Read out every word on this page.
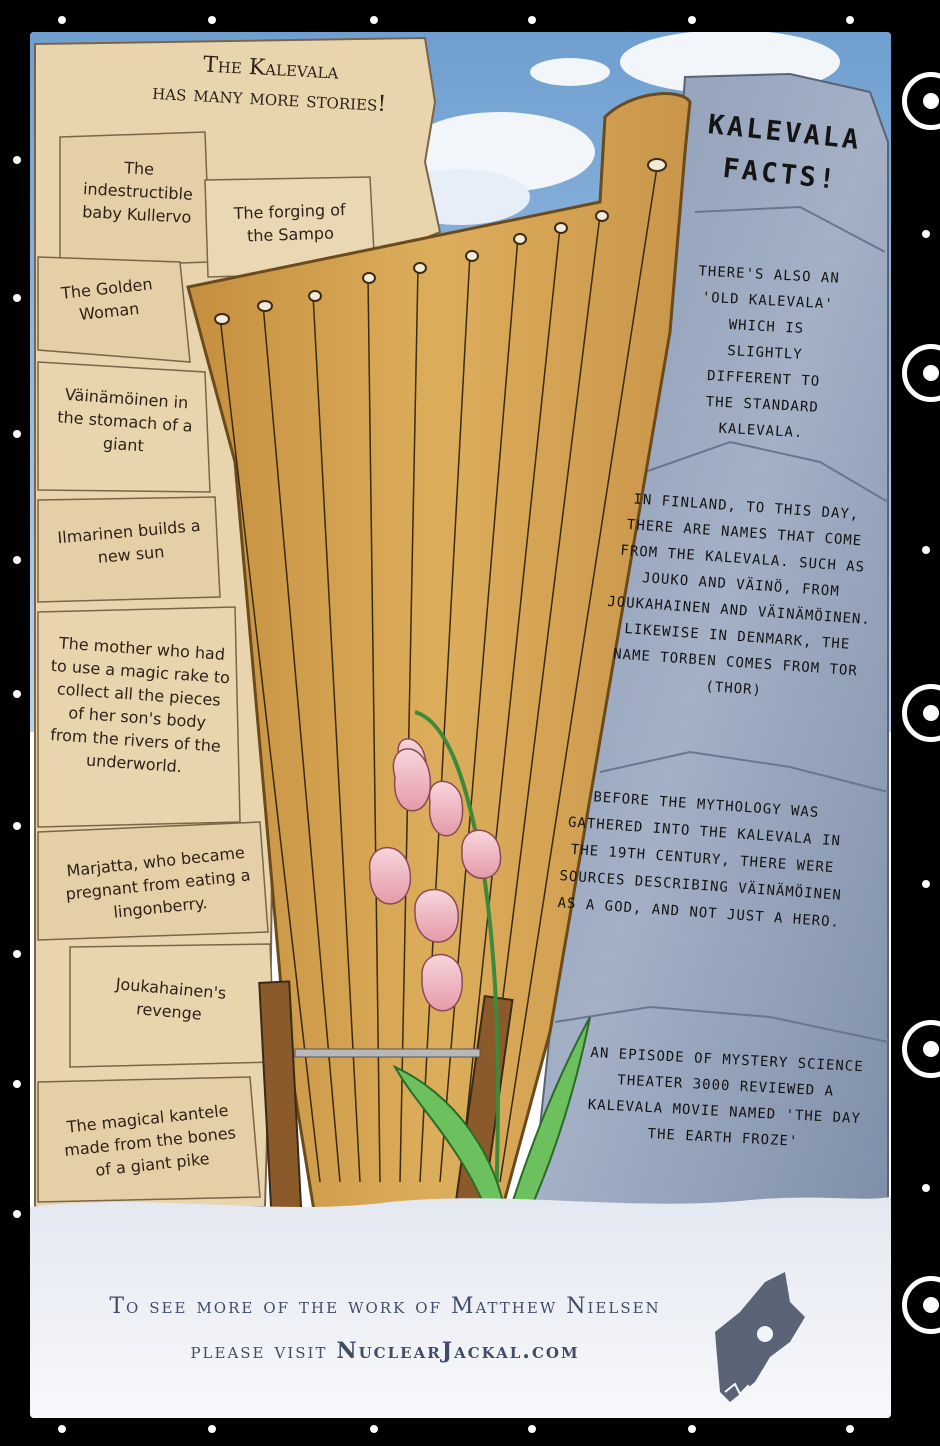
The Kalevala
has many more stories!
The indestructible baby Kullervo	The forging of the Sampo
The Golden Woman
Väinämöinen in the stomach of a giant
Ilmarinen builds a new sun
The mother who had to use a magic rake to collect all the pieces of her son's body from the rivers of the underworld.
Marjatta, who became pregnant from eating a lingonberry.
Joukahainen's revenge
The magical kantele made from the bones of a giant pike
KALEVALA
FACTS!
THERE'S ALSO AN 'OLD KALEVALA' WHICH IS SLIGHTLY DIFFERENT TO THE STANDARD KALEVALA.
IN FINLAND, TO THIS DAY, THERE ARE NAMES THAT COME FROM THE KALEVALA. SUCH AS JOUKO AND VÄINÖ, FROM JOUKAHAINEN AND VÄINÄMÖINEN. LIKEWISE IN DENMARK, THE NAME TORBEN COMES FROM TOR (THOR)
BEFORE THE MYTHOLOGY WAS GATHERED INTO THE KALEVALA IN THE 19TH CENTURY, THERE WERE SOURCES DESCRIBING VÄINÄMÖINEN AS A GOD, AND NOT JUST A HERO.
AN EPISODE OF MYSTERY SCIENCE THEATER 3000 REVIEWED A KALEVALA MOVIE NAMED 'THE DAY THE EARTH FROZE'
To see more of the work of Matthew Nielsen
please visit NuclearJackal.com
